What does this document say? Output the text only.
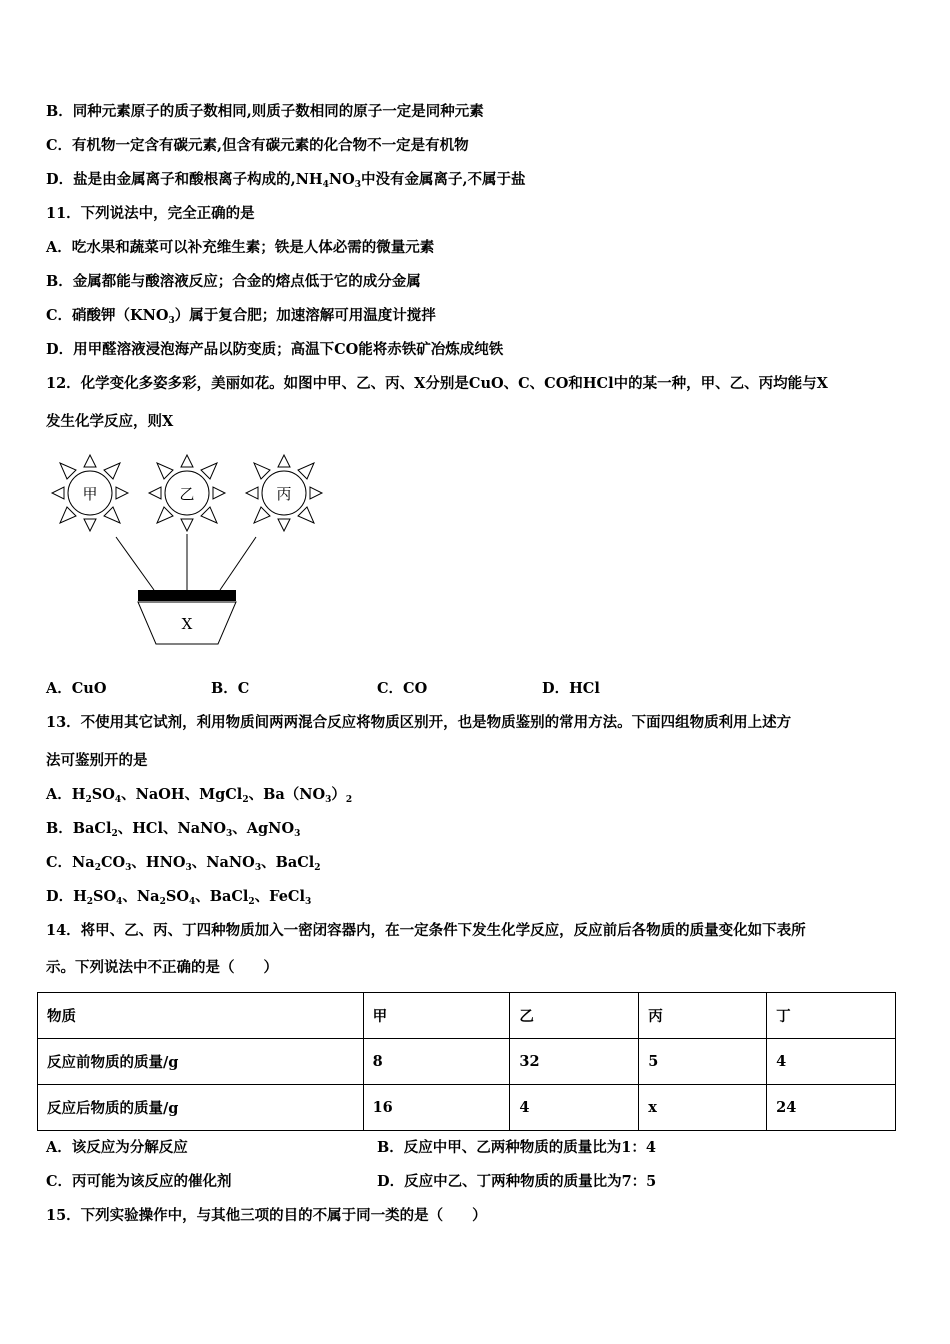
B．同种元素原子的质子数相同,则质子数相同的原子一定是同种元素
C．有机物一定含有碳元素,但含有碳元素的化合物不一定是有机物
D．盐是由金属离子和酸根离子构成的$,NH_4NO_3$中没有金属离子,不属于盐
11．下列说法中，完全正确的是
A．吃水果和蔬菜可以补充维生素；铁是人体必需的微量元素
B．金属都能与酸溶液反应；合金的熔点低于它的成分金属
C．硝酸钾$(KNO_3)$属于复合肥；加速溶解可用温度计搅拌
D．用甲醛溶液浸泡海产品以防变质；高温下CO能将赤铁矿冶炼成纯铁
12．化学变化多姿多彩，美丽如花。如图中甲、乙、丙、X分别是CuO、C、CO和HCl中的某一种，甲、乙、丙均能与X
发生化学反应，则X
甲	乙	丙
X
A．CuO	B．C	C．CO	D．HCl
13．不使用其它试剂，利用物质间两两混合反应将物质区别开，也是物质鉴别的常用方法。下面四组物质利用上述方
法可鉴别开的是
A．$H_2SO_4$、NaOH、MgCl$_2$、$Ba(NO_3)_2$
B．BaCl$_2$、HCl、NaNO$_3$、AgNO$_3$
C．$Na_2CO_3$、$HNO_3$、NaNO$_3$、BaCl$_2$
D．$H_2SO_4$、$Na_2SO_4$、BaCl$_2$、FeCl$_3$
14．将甲、乙、丙、丁四种物质加入一密闭容器内，在一定条件下发生化学反应，反应前后各物质的质量变化如下表所
示。下列说法中不正确的是（　　）
物质	甲	乙	丙	丁
反应前物质的质量/g	8	32	5	4
反应后物质的质量/g	16	4	x	24
A．该反应为分解反应	B．反应中甲、乙两种物质的质量比为1：4
C．丙可能为该反应的催化剂	D．反应中乙、丁两种物质的质量比为7：5
15．下列实验操作中，与其他三项的目的不属于同一类的是（　　）
